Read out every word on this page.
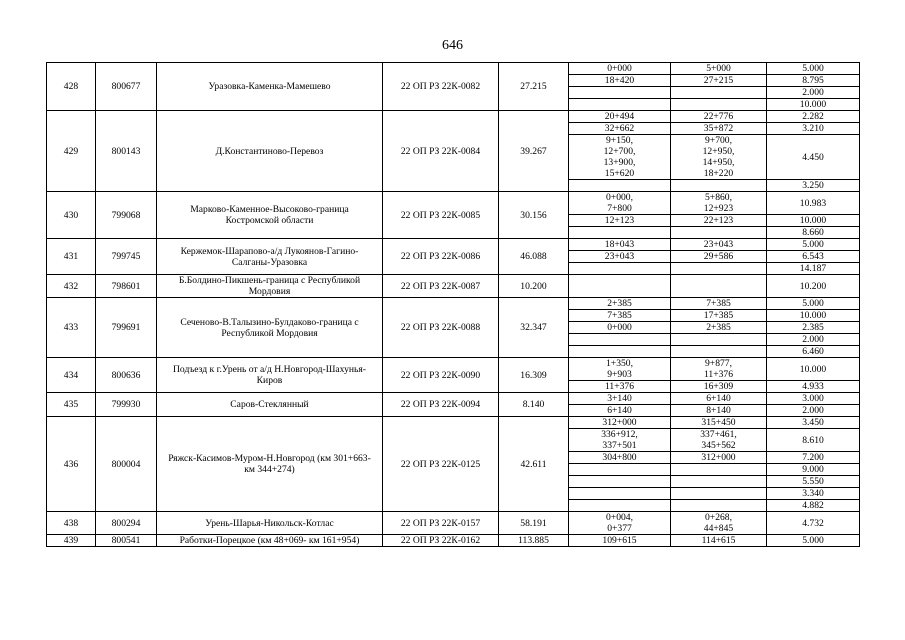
646
428	800677	Уразовка-Каменка-Мамешево	22 ОП РЗ 22К-0082	27.215	0+000	5+000	5.000
					18+420	27+215	8.795
							2.000
							10.000
429	800143	Д.Константиново-Перевоз	22 ОП РЗ 22К-0084	39.267	20+494	22+776	2.282
					32+662	35+872	3.210
					9+150,
12+700,
13+900,
15+620	9+700,
12+950,
14+950,
18+220	4.450
							3.250
430	799068	Марково-Каменное-Высоково-граница Костромской области	22 ОП РЗ 22К-0085	30.156	0+000,
7+800	5+860,
12+923	10.983
					12+123	22+123	10.000
							8.660
431	799745	Кержемок-Шарапово-а/д Лукоянов-Гагино-Салганы-Уразовка	22 ОП РЗ 22К-0086	46.088	18+043	23+043	5.000
					23+043	29+586	6.543
							14.187
432	798601	Б.Болдино-Пикшень-граница с Республикой Мордовия	22 ОП РЗ 22К-0087	10.200			10.200
433	799691	Сеченово-В.Талызино-Булдаково-граница с Республикой Мордовия	22 ОП РЗ 22К-0088	32.347	2+385	7+385	5.000
					7+385	17+385	10.000
					0+000	2+385	2.385
							2.000
							6.460
434	800636	Подъезд к г.Урень от а/д Н.Новгород-Шахунья-Киров	22 ОП РЗ 22К-0090	16.309	1+350,
9+903	9+877,
11+376	10.000
					11+376	16+309	4.933
435	799930	Саров-Стеклянный	22 ОП РЗ 22К-0094	8.140	3+140	6+140	3.000
					6+140	8+140	2.000
436	800004	Ряжск-Касимов-Муром-Н.Новгород (км 301+663-км 344+274)	22 ОП РЗ 22К-0125	42.611	312+000	315+450	3.450
					336+912,
337+501	337+461,
345+562	8.610
					304+800	312+000	7.200
							9.000
							5.550
							3.340
							4.882
438	800294	Урень-Шарья-Никольск-Котлас	22 ОП РЗ 22К-0157	58.191	0+004,
0+377	0+268,
44+845	4.732
439	800541	Работки-Порецкое (км 48+069- км 161+954)	22 ОП РЗ 22К-0162	113.885	109+615	114+615	5.000
